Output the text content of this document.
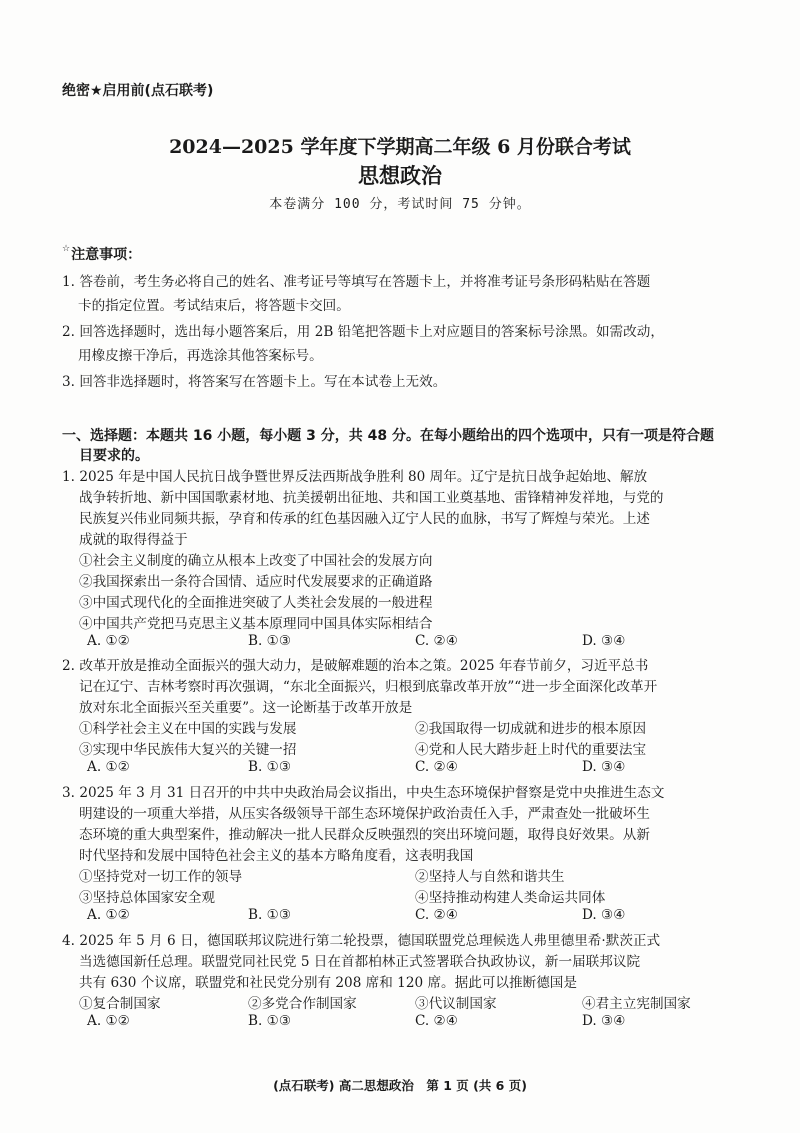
绝密★启用前(点石联考)
2024—2025 学年度下学期高二年级 6 月份联合考试
思想政治
本卷满分 100 分，考试时间 75 分钟。
☆注意事项：
1. 答卷前，考生务必将自己的姓名、准考证号等填写在答题卡上，并将准考证号条形码粘贴在答题
卡的指定位置。考试结束后，将答题卡交回。
2. 回答选择题时，选出每小题答案后，用 2B 铅笔把答题卡上对应题目的答案标号涂黑。如需改动，
用橡皮擦干净后，再选涂其他答案标号。
3. 回答非选择题时，将答案写在答题卡上。写在本试卷上无效。
一、选择题：本题共 16 小题，每小题 3 分，共 48 分。在每小题给出的四个选项中，只有一项是符合题
目要求的。
1. 2025 年是中国人民抗日战争暨世界反法西斯战争胜利 80 周年。辽宁是抗日战争起始地、解放
战争转折地、新中国国歌素材地、抗美援朝出征地、共和国工业奠基地、雷锋精神发祥地，与党的
民族复兴伟业同频共振，孕育和传承的红色基因融入辽宁人民的血脉，书写了辉煌与荣光。上述
成就的取得得益于
①社会主义制度的确立从根本上改变了中国社会的发展方向
②我国探索出一条符合国情、适应时代发展要求的正确道路
③中国式现代化的全面推进突破了人类社会发展的一般进程
④中国共产党把马克思主义基本原理同中国具体实际相结合
A. ①②	B. ①③	C. ②④	D. ③④
2. 改革开放是推动全面振兴的强大动力，是破解难题的治本之策。2025 年春节前夕，习近平总书
记在辽宁、吉林考察时再次强调，“东北全面振兴，归根到底靠改革开放”“进一步全面深化改革开
放对东北全面振兴至关重要”。这一论断基于改革开放是
①科学社会主义在中国的实践与发展	②我国取得一切成就和进步的根本原因
③实现中华民族伟大复兴的关键一招	④党和人民大踏步赶上时代的重要法宝
A. ①②	B. ①③	C. ②④	D. ③④
3. 2025 年 3 月 31 日召开的中共中央政治局会议指出，中央生态环境保护督察是党中央推进生态文
明建设的一项重大举措，从压实各级领导干部生态环境保护政治责任入手，严肃查处一批破坏生
态环境的重大典型案件，推动解决一批人民群众反映强烈的突出环境问题，取得良好效果。从新
时代坚持和发展中国特色社会主义的基本方略角度看，这表明我国
①坚持党对一切工作的领导	②坚持人与自然和谐共生
③坚持总体国家安全观	④坚持推动构建人类命运共同体
A. ①②	B. ①③	C. ②④	D. ③④
4. 2025 年 5 月 6 日，德国联邦议院进行第二轮投票，德国联盟党总理候选人弗里德里希·默茨正式
当选德国新任总理。联盟党同社民党 5 日在首都柏林正式签署联合执政协议，新一届联邦议院
共有 630 个议席，联盟党和社民党分别有 208 席和 120 席。据此可以推断德国是
①复合制国家	②多党合作制国家	③代议制国家	④君主立宪制国家
A. ①②	B. ①③	C. ②④	D. ③④
(点石联考) 高二思想政治　第 1 页 (共 6 页)
